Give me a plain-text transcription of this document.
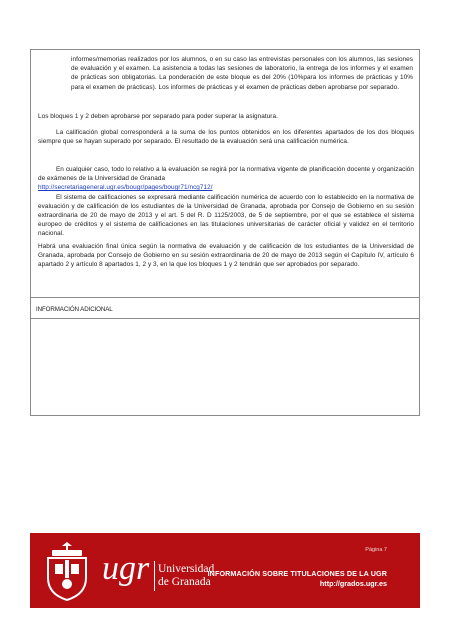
informes/memorias realizados por los alumnos, o en su caso las entrevistas personales con los alumnos, las sesiones de evaluación y el examen. La asistencia a todas las sesiones de laboratorio, la entrega de los informes y el examen de prácticas son obligatorias. La ponderación de este bloque es del 20% (10%para los informes de prácticas y 10% para el examen de prácticas). Los informes de prácticas y el examen de prácticas deben aprobarse por separado.

Los bloques 1 y 2 deben aprobarse por separado para poder superar la asignatura.

La calificación global corresponderá a la suma de los puntos obtenidos en los diferentes apartados de los dos bloques siempre que se hayan superado por separado. El resultado de la evaluación será una calificación numérica.

En cualquier caso, todo lo relativo a la evaluación se regirá por la normativa vigente de planificación docente y organización de exámenes de la Universidad de Granada
http://secretariageneral.ugr.es/bougr/pages/bougr71/ncg712/

El sistema de calificaciones se expresará mediante calificación numérica de acuerdo con lo establecido en la normativa de evaluación y de calificación de los estudiantes de la Universidad de Granada, aprobada por Consejo de Gobierno en su sesión extraordinaria de 20 de mayo de 2013 y el art. 5 del R. D 1125/2003, de 5 de septiembre, por el que se establece el sistema europeo de créditos y el sistema de calificaciones en las titulaciones universitarias de carácter oficial y validez en el territorio nacional.

Habrá una evaluación final única según la normativa de evaluación y de calificación de los estudiantes de la Universidad de Granada, aprobada por Consejo de Gobierno en su sesión extraordinaria de 20 de mayo de 2013 según el Capítulo IV, artículo 6 apartado 2 y artículo 8 apartados 1, 2 y 3, en la que los bloques 1 y 2 tendrán que ser aprobados por separado.

INFORMACIÓN ADICIONAL
ugr Universidad
de Granada
Página 7
INFORMACIÓN SOBRE TITULACIONES DE LA UGR
http://grados.ugr.es
